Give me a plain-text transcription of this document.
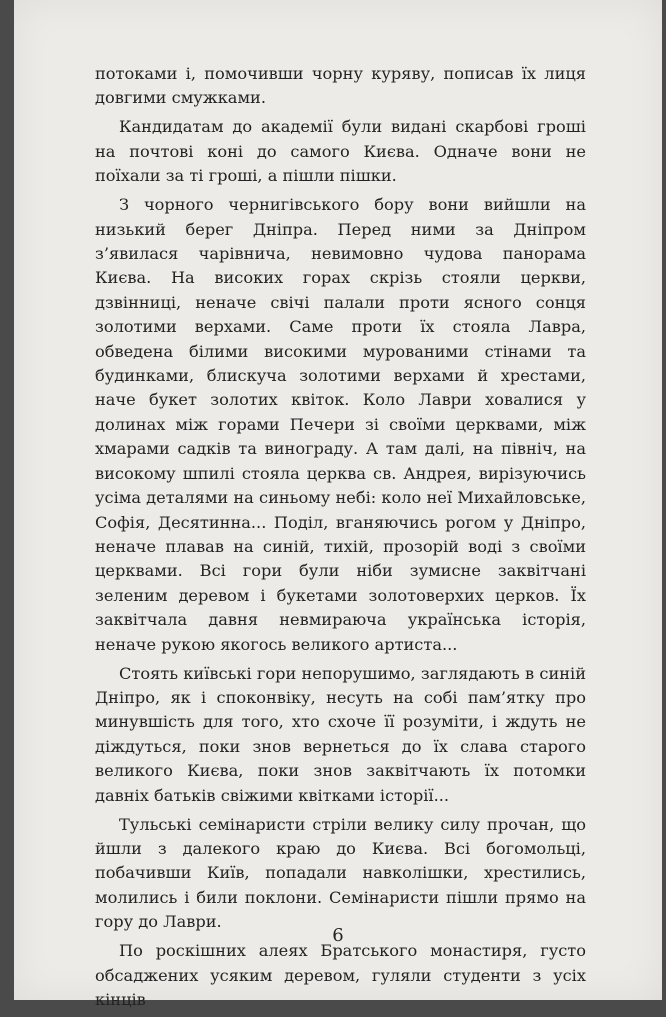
потоками і, помочивши чорну куряву, пописав їх лиця довгими смужками.

Кандидатам до академії були видані скарбові гроші на почтові коні до самого Києва. Одначе вони не поїхали за ті гроші, а пішли пішки.

З чорного чернигівського бору вони вийшли на низький берег Дніпра. Перед ними за Дніпром з’явилася чарівнича, невимовно чудова панорама Києва. На високих горах скрізь стояли церкви, дзвінниці, неначе свічі палали проти ясного сонця золотими верхами. Саме проти їх стояла Лавра, обведена білими високими мурованими стінами та будинками, блискуча золотими верхами й хрестами, наче букет золотих квіток. Коло Лаври ховалися у долинах між горами Печери зі своїми церквами, між хмарами садків та винограду. А там далі, на північ, на високому шпилі стояла церква св. Андрея, вирізуючись усіма деталями на синьому небі: коло неї Михайловське, Софія, Десятинна... Поділ, вганяючись рогом у Дніпро, неначе плавав на синій, тихій, прозорій воді з своїми церквами. Всі гори були ніби зумисне заквітчані зеленим деревом і букетами золотоверхих церков. Їх заквітчала давня невмираюча українська історія, неначе рукою якогось великого артиста...

Стоять київські гори непорушимо, заглядають в синій Дніпро, як і споконвіку, несуть на собі пам’ятку про минувшість для того, хто схоче її розуміти, і ждуть не діждуться, поки знов вернеться до їх слава старого великого Києва, поки знов заквітчають їх потомки давніх батьків свіжими квітками історії...

Тульські семінаристи стріли велику силу прочан, що йшли з далекого краю до Києва. Всі богомольці, побачивши Київ, попадали навколішки, хрестились, молились і били поклони. Семінаристи пішли прямо на гору до Лаври.

По роскішних алеях Братського монастиря, густо обсаджених усяким деревом, гуляли студенти з усіх кінців

6
